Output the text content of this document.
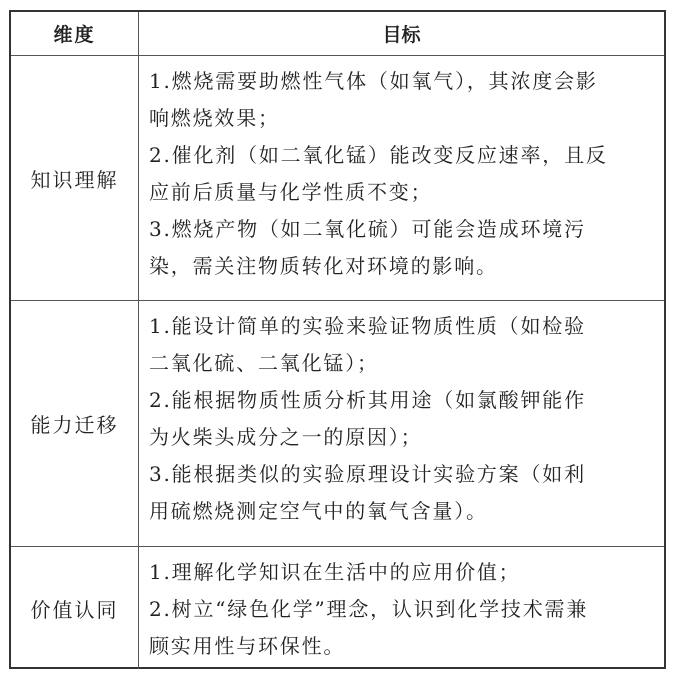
维度	目标
知识理解
1.燃烧需要助燃性气体（如氧气），其浓度会影
响燃烧效果；
2.催化剂（如二氧化锰）能改变反应速率，且反
应前后质量与化学性质不变；
3.燃烧产物（如二氧化硫）可能会造成环境污
染，需关注物质转化对环境的影响。
能力迁移
1.能设计简单的实验来验证物质性质（如检验
二氧化硫、二氧化锰）；
2.能根据物质性质分析其用途（如氯酸钾能作
为火柴头成分之一的原因）；
3.能根据类似的实验原理设计实验方案（如利
用硫燃烧测定空气中的氧气含量）。
价值认同
1.理解化学知识在生活中的应用价值；
2.树立“绿色化学”理念，认识到化学技术需兼
顾实用性与环保性。
